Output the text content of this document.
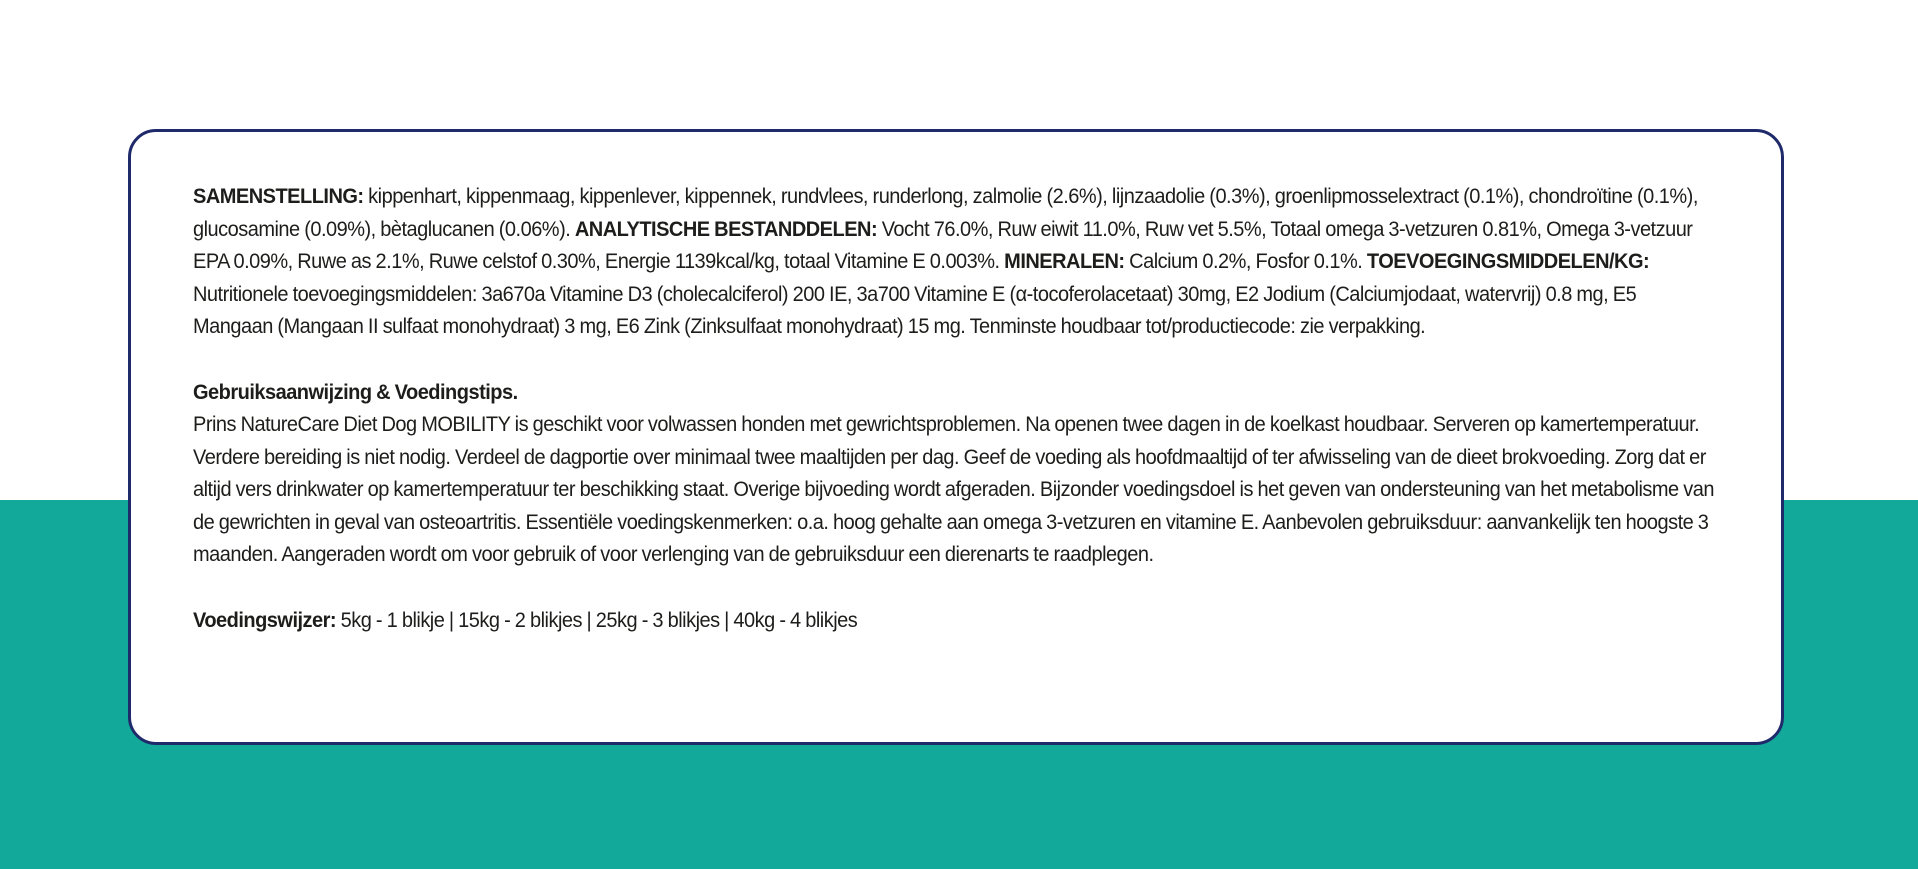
SAMENSTELLING: kippenhart, kippenmaag, kippenlever, kippennek, rundvlees, runderlong, zalmolie (2.6%), lijnzaadolie (0.3%), groenlipmosselextract (0.1%), chondroïtine (0.1%), glucosamine (0.09%), bètaglucanen (0.06%). ANALYTISCHE BESTANDDELEN: Vocht 76.0%, Ruw eiwit 11.0%, Ruw vet 5.5%, Totaal omega 3-vetzuren 0.81%, Omega 3-vetzuur EPA 0.09%, Ruwe as 2.1%, Ruwe celstof 0.30%, Energie 1139kcal/kg, totaal Vitamine E 0.003%. MINERALEN: Calcium 0.2%, Fosfor 0.1%. TOEVOEGINGSMIDDELEN/KG: Nutritionele toevoegingsmiddelen: 3a670a Vitamine D3 (cholecalciferol) 200 IE, 3a700 Vitamine E (α-tocoferolacetaat) 30mg, E2 Jodium (Calciumjodaat, watervrij) 0.8 mg, E5 Mangaan (Mangaan II sulfaat monohydraat) 3 mg, E6 Zink (Zinksulfaat monohydraat) 15 mg. Tenminste houdbaar tot/productiecode: zie verpakking.

Gebruiksaanwijzing & Voedingstips.

Prins NatureCare Diet Dog MOBILITY is geschikt voor volwassen honden met gewrichtsproblemen. Na openen twee dagen in de koelkast houdbaar. Serveren op kamertemperatuur. Verdere bereiding is niet nodig. Verdeel de dagportie over minimaal twee maaltijden per dag. Geef de voeding als hoofdmaaltijd of ter afwisseling van de dieet brokvoeding. Zorg dat er altijd vers drinkwater op kamertemperatuur ter beschikking staat. Overige bijvoeding wordt afgeraden. Bijzonder voedingsdoel is het geven van ondersteuning van het metabolisme van de gewrichten in geval van osteoartritis. Essentiële voedingskenmerken: o.a. hoog gehalte aan omega 3-vetzuren en vitamine E. Aanbevolen gebruiksduur: aanvankelijk ten hoogste 3 maanden. Aangeraden wordt om voor gebruik of voor verlenging van de gebruiksduur een dierenarts te raadplegen.

Voedingswijzer: 5kg - 1 blikje | 15kg - 2 blikjes | 25kg - 3 blikjes | 40kg - 4 blikjes
